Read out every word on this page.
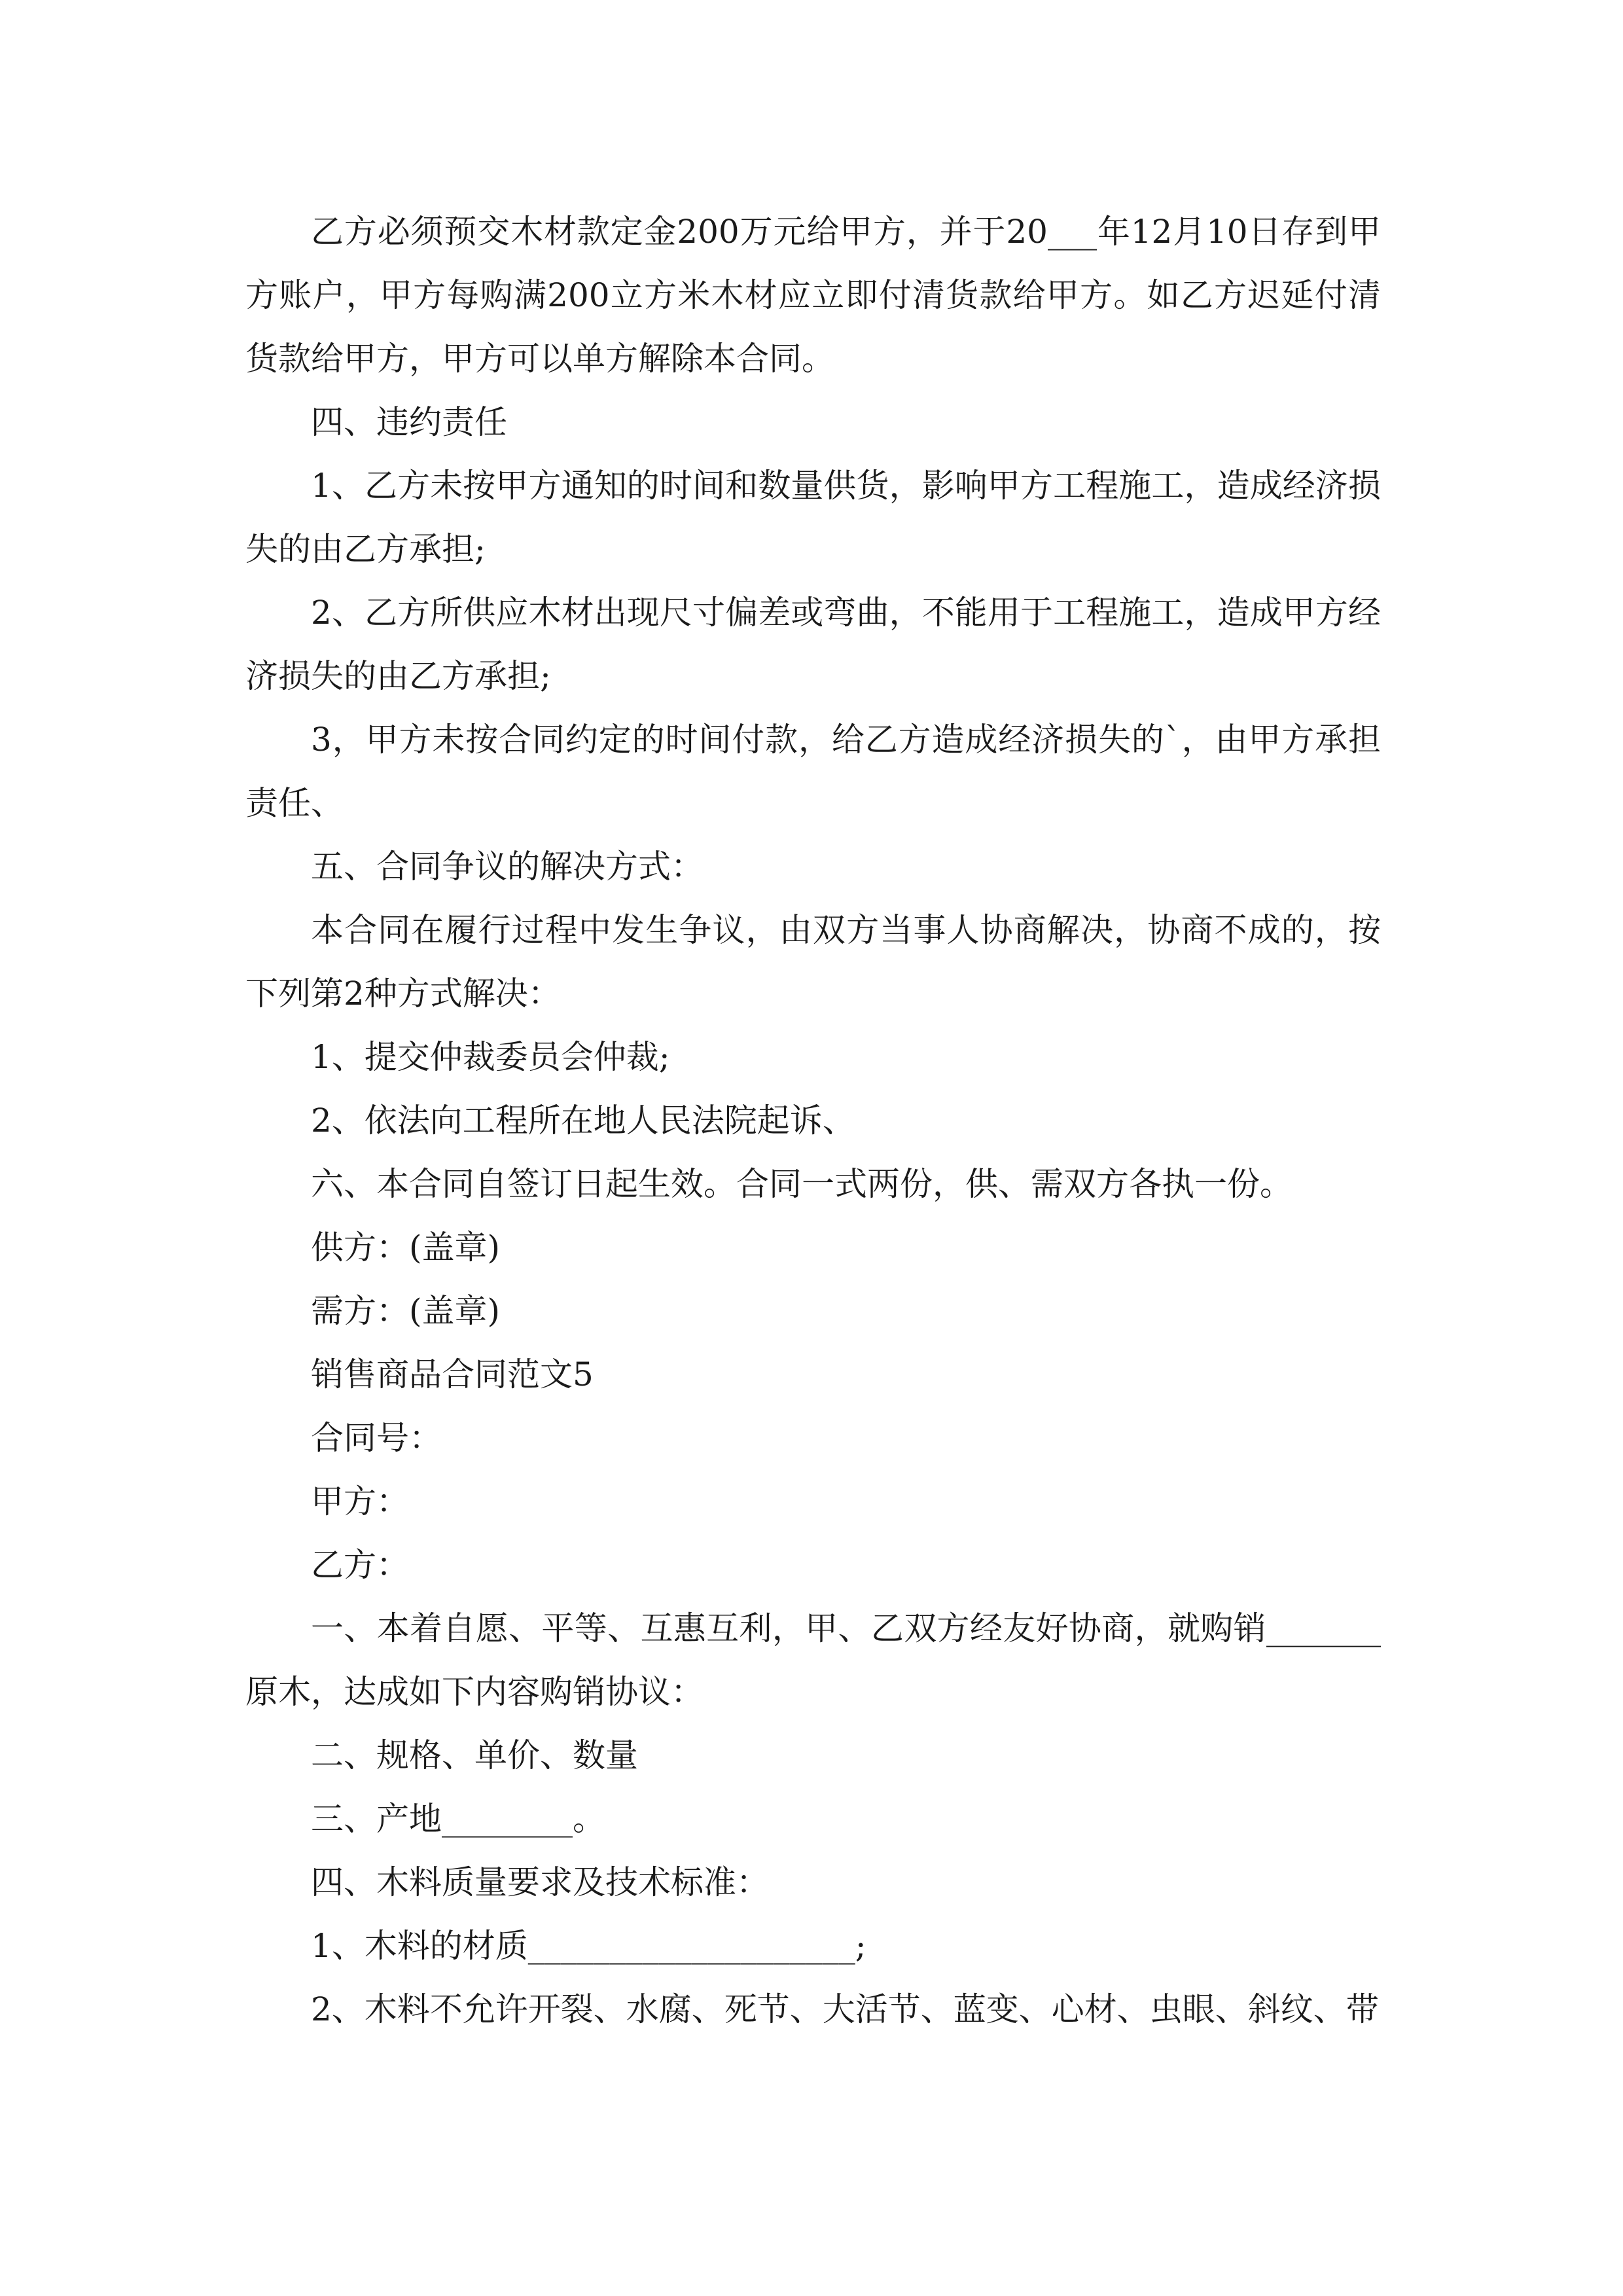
乙方必须预交木材款定金200万元给甲方，并于20___年12月10日存到甲方账户，甲方每购满200立方米木材应立即付清货款给甲方。如乙方迟延付清货款给甲方，甲方可以单方解除本合同。

四、违约责任

1、乙方未按甲方通知的时间和数量供货，影响甲方工程施工，造成经济损失的由乙方承担;

2、乙方所供应木材出现尺寸偏差或弯曲，不能用于工程施工，造成甲方经济损失的由乙方承担;

3，甲方未按合同约定的时间付款，给乙方造成经济损失的`，由甲方承担责任、

五、合同争议的解决方式：

本合同在履行过程中发生争议，由双方当事人协商解决，协商不成的，按下列第2种方式解决：

1、提交仲裁委员会仲裁;

2、依法向工程所在地人民法院起诉、

六、本合同自签订日起生效。合同一式两份，供、需双方各执一份。

供方：(盖章)

需方：(盖章)

销售商品合同范文5

合同号：

甲方：

乙方：

一、本着自愿、平等、互惠互利，甲、乙双方经友好协商，就购销_______原木，达成如下内容购销协议：

二、规格、单价、数量

三、产地________。

四、木料质量要求及技术标准：

1、木料的材质____________________;

2、木料不允许开裂、水腐、死节、大活节、蓝变、心材、虫眼、斜纹、带
